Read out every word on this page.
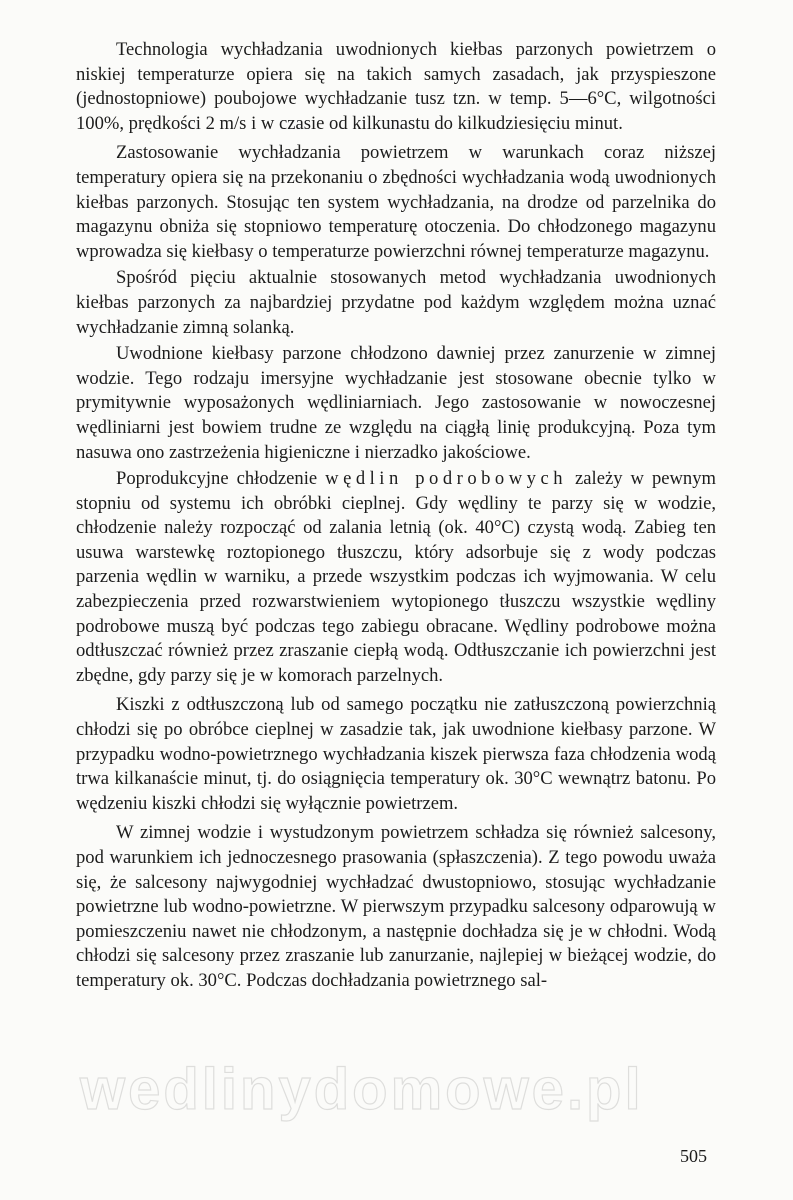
Technologia wychładzania uwodnionych kiełbas parzonych powietrzem o niskiej temperaturze opiera się na takich samych zasadach, jak przyspieszone (jednostopniowe) poubojowe wychładzanie tusz tzn. w temp. 5—6°C, wilgotności 100%, prędkości 2 m/s i w czasie od kilkunastu do kilkudziesięciu minut.

Zastosowanie wychładzania powietrzem w warunkach coraz niższej temperatury opiera się na przekonaniu o zbędności wychładzania wodą uwodnionych kiełbas parzonych. Stosując ten system wychładzania, na drodze od parzelnika do magazynu obniża się stopniowo temperaturę otoczenia. Do chłodzonego magazynu wprowadza się kiełbasy o temperaturze powierzchni równej temperaturze magazynu.

Spośród pięciu aktualnie stosowanych metod wychładzania uwodnionych kiełbas parzonych za najbardziej przydatne pod każdym względem można uznać wychładzanie zimną solanką.

Uwodnione kiełbasy parzone chłodzono dawniej przez zanurzenie w zimnej wodzie. Tego rodzaju imersyjne wychładzanie jest stosowane obecnie tylko w prymitywnie wyposażonych wędliniarniach. Jego zastosowanie w nowoczesnej wędliniarni jest bowiem trudne ze względu na ciągłą linię produkcyjną. Poza tym nasuwa ono zastrzeżenia higieniczne i nierzadko jakościowe.

Poprodukcyjne chłodzenie wędlin podrobowych zależy w pewnym stopniu od systemu ich obróbki cieplnej. Gdy wędliny te parzy się w wodzie, chłodzenie należy rozpocząć od zalania letnią (ok. 40°C) czystą wodą. Zabieg ten usuwa warstewkę roztopionego tłuszczu, który adsorbuje się z wody podczas parzenia wędlin w warniku, a przede wszystkim podczas ich wyjmowania. W celu zabezpieczenia przed rozwarstwieniem wytopionego tłuszczu wszystkie wędliny podrobowe muszą być podczas tego zabiegu obracane. Wędliny podrobowe można odtłuszczać również przez zraszanie ciepłą wodą. Odtłuszczanie ich powierzchni jest zbędne, gdy parzy się je w komorach parzelnych.

Kiszki z odtłuszczoną lub od samego początku nie zatłuszczoną powierzchnią chłodzi się po obróbce cieplnej w zasadzie tak, jak uwodnione kiełbasy parzone. W przypadku wodno-powietrznego wychładzania kiszek pierwsza faza chłodzenia wodą trwa kilkanaście minut, tj. do osiągnięcia temperatury ok. 30°C wewnątrz batonu. Po wędzeniu kiszki chłodzi się wyłącznie powietrzem.

W zimnej wodzie i wystudzonym powietrzem schładza się również salcesony, pod warunkiem ich jednoczesnego prasowania (spłaszczenia). Z tego powodu uważa się, że salcesony najwygodniej wychładzać dwustopniowo, stosując wychładzanie powietrzne lub wodno-powietrzne. W pierwszym przypadku salcesony odparowują w pomieszczeniu nawet nie chłodzonym, a następnie dochładza się je w chłodni. Wodą chłodzi się salcesony przez zraszanie lub zanurzanie, najlepiej w bieżącej wodzie, do temperatury ok. 30°C. Podczas dochładzania powietrznego sal-

wedlinydomowe.pl
505
